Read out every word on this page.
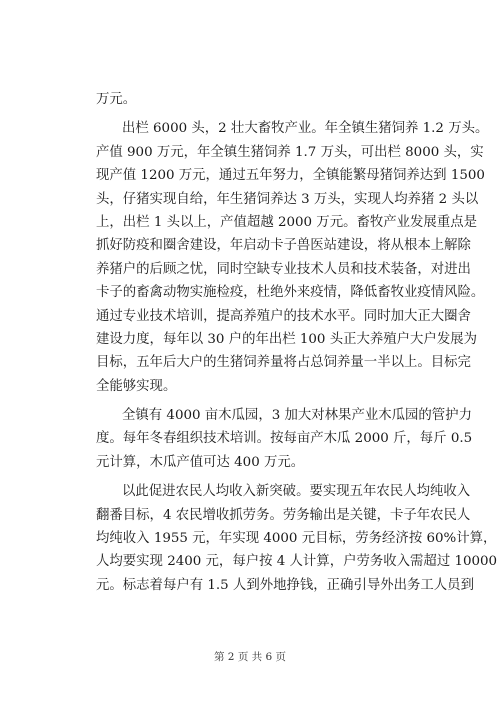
万元。
出栏 6000 头，2 壮大畜牧产业。年全镇生猪饲养 1.2 万头。
产值 900 万元，年全镇生猪饲养 1.7 万头，可出栏 8000 头，实
现产值 1200 万元，通过五年努力，全镇能繁母猪饲养达到 1500
头，仔猪实现自给，年生猪饲养达 3 万头，实现人均养猪 2 头以
上，出栏 1 头以上，产值超越 2000 万元。畜牧产业发展重点是
抓好防疫和圈舍建设，年启动卡子兽医站建设，将从根本上解除
养猪户的后顾之忧，同时空缺专业技术人员和技术装备，对进出
卡子的畜禽动物实施检疫，杜绝外来疫情，降低畜牧业疫情风险。
通过专业技术培训，提高养殖户的技术水平。同时加大正大圈舍
建设力度，每年以 30 户的年出栏 100 头正大养殖户大户发展为
目标，五年后大户的生猪饲养量将占总饲养量一半以上。目标完
全能够实现。
全镇有 4000 亩木瓜园，3 加大对林果产业木瓜园的管护力
度。每年冬春组织技术培训。按每亩产木瓜 2000 斤，每斤 0.5
元计算，木瓜产值可达 400 万元。
以此促进农民人均收入新突破。要实现五年农民人均纯收入
翻番目标，4 农民增收抓劳务。劳务输出是关键，卡子年农民人
均纯收入 1955 元，年实现 4000 元目标，劳务经济按 60%计算，
人均要实现 2400 元，每户按 4 人计算，户劳务收入需超过 10000
元。标志着每户有 1.5 人到外地挣钱，正确引导外出务工人员到
第 2 页 共 6 页
